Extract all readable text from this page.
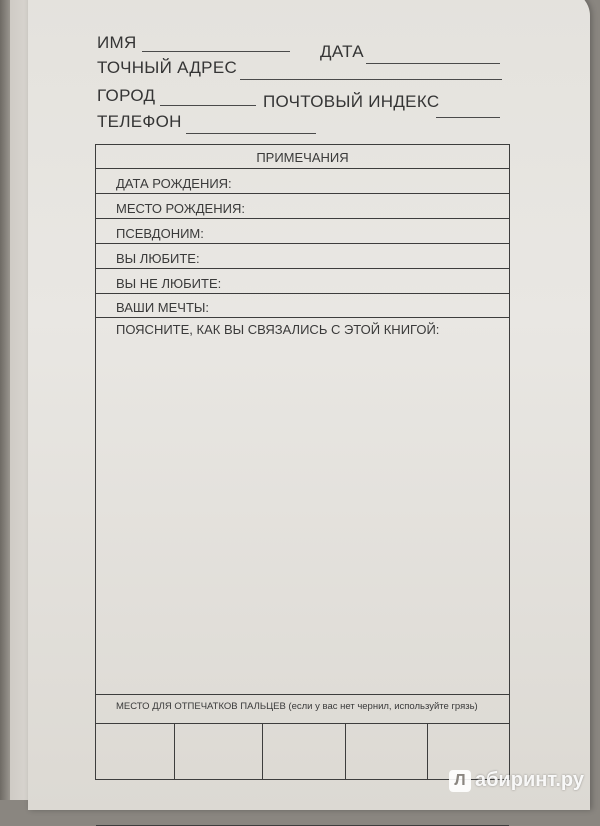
ИМЯ	ДАТА
ТОЧНЫЙ АДРЕС
ГОРОД	ПОЧТОВЫЙ ИНДЕКС
ТЕЛЕФОН
ПРИМЕЧАНИЯ
ДАТА РОЖДЕНИЯ:
МЕСТО РОЖДЕНИЯ:
ПСЕВДОНИМ:
ВЫ ЛЮБИТЕ:
ВЫ НЕ ЛЮБИТЕ:
ВАШИ МЕЧТЫ:
ПОЯСНИТЕ, КАК ВЫ СВЯЗАЛИСЬ С ЭТОЙ КНИГОЙ:
МЕСТО ДЛЯ ОТПЕЧАТКОВ ПАЛЬЦЕВ (если у вас нет чернил, используйте грязь)
Л абиринт.ру
